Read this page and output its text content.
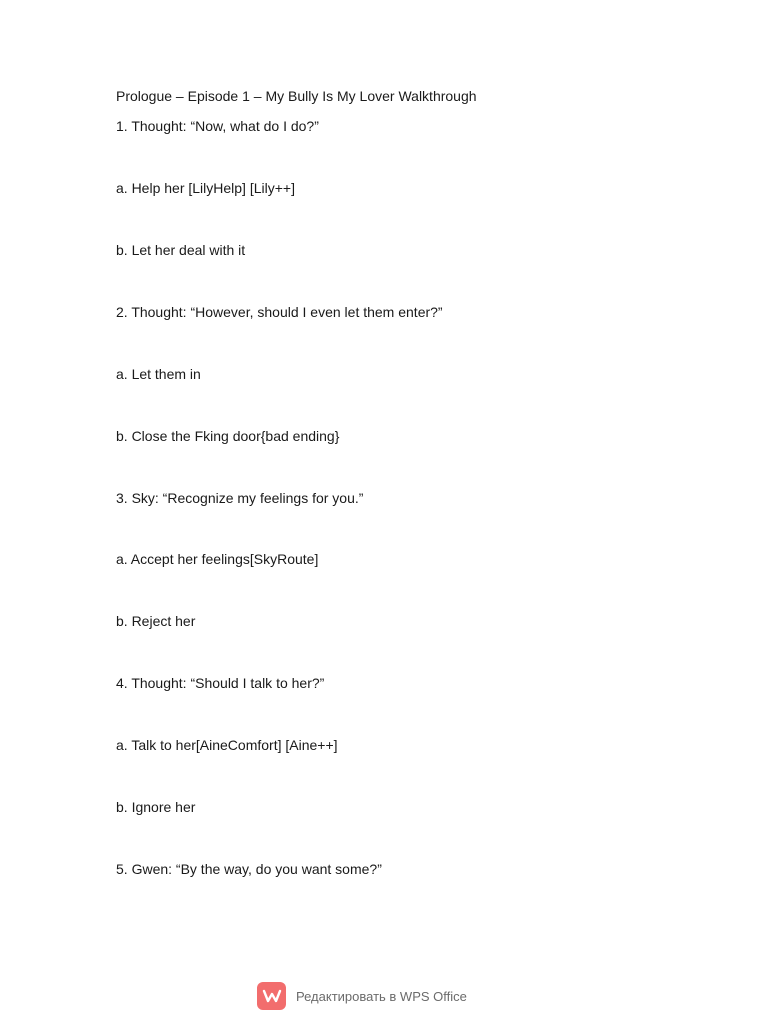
Prologue – Episode 1 – My Bully Is My Lover Walkthrough
1. Thought: “Now, what do I do?”
a. Help her [LilyHelp] [Lily++]
b. Let her deal with it
2. Thought: “However, should I even let them enter?”
a. Let them in
b. Close the Fking door{bad ending}
3. Sky: “Recognize my feelings for you.”
a. Accept her feelings[SkyRoute]
b. Reject her
4. Thought: “Should I talk to her?”
a. Talk to her[AineComfort] [Aine++]
b. Ignore her
5. Gwen: “By the way, do you want some?”
Редактировать в WPS Office
